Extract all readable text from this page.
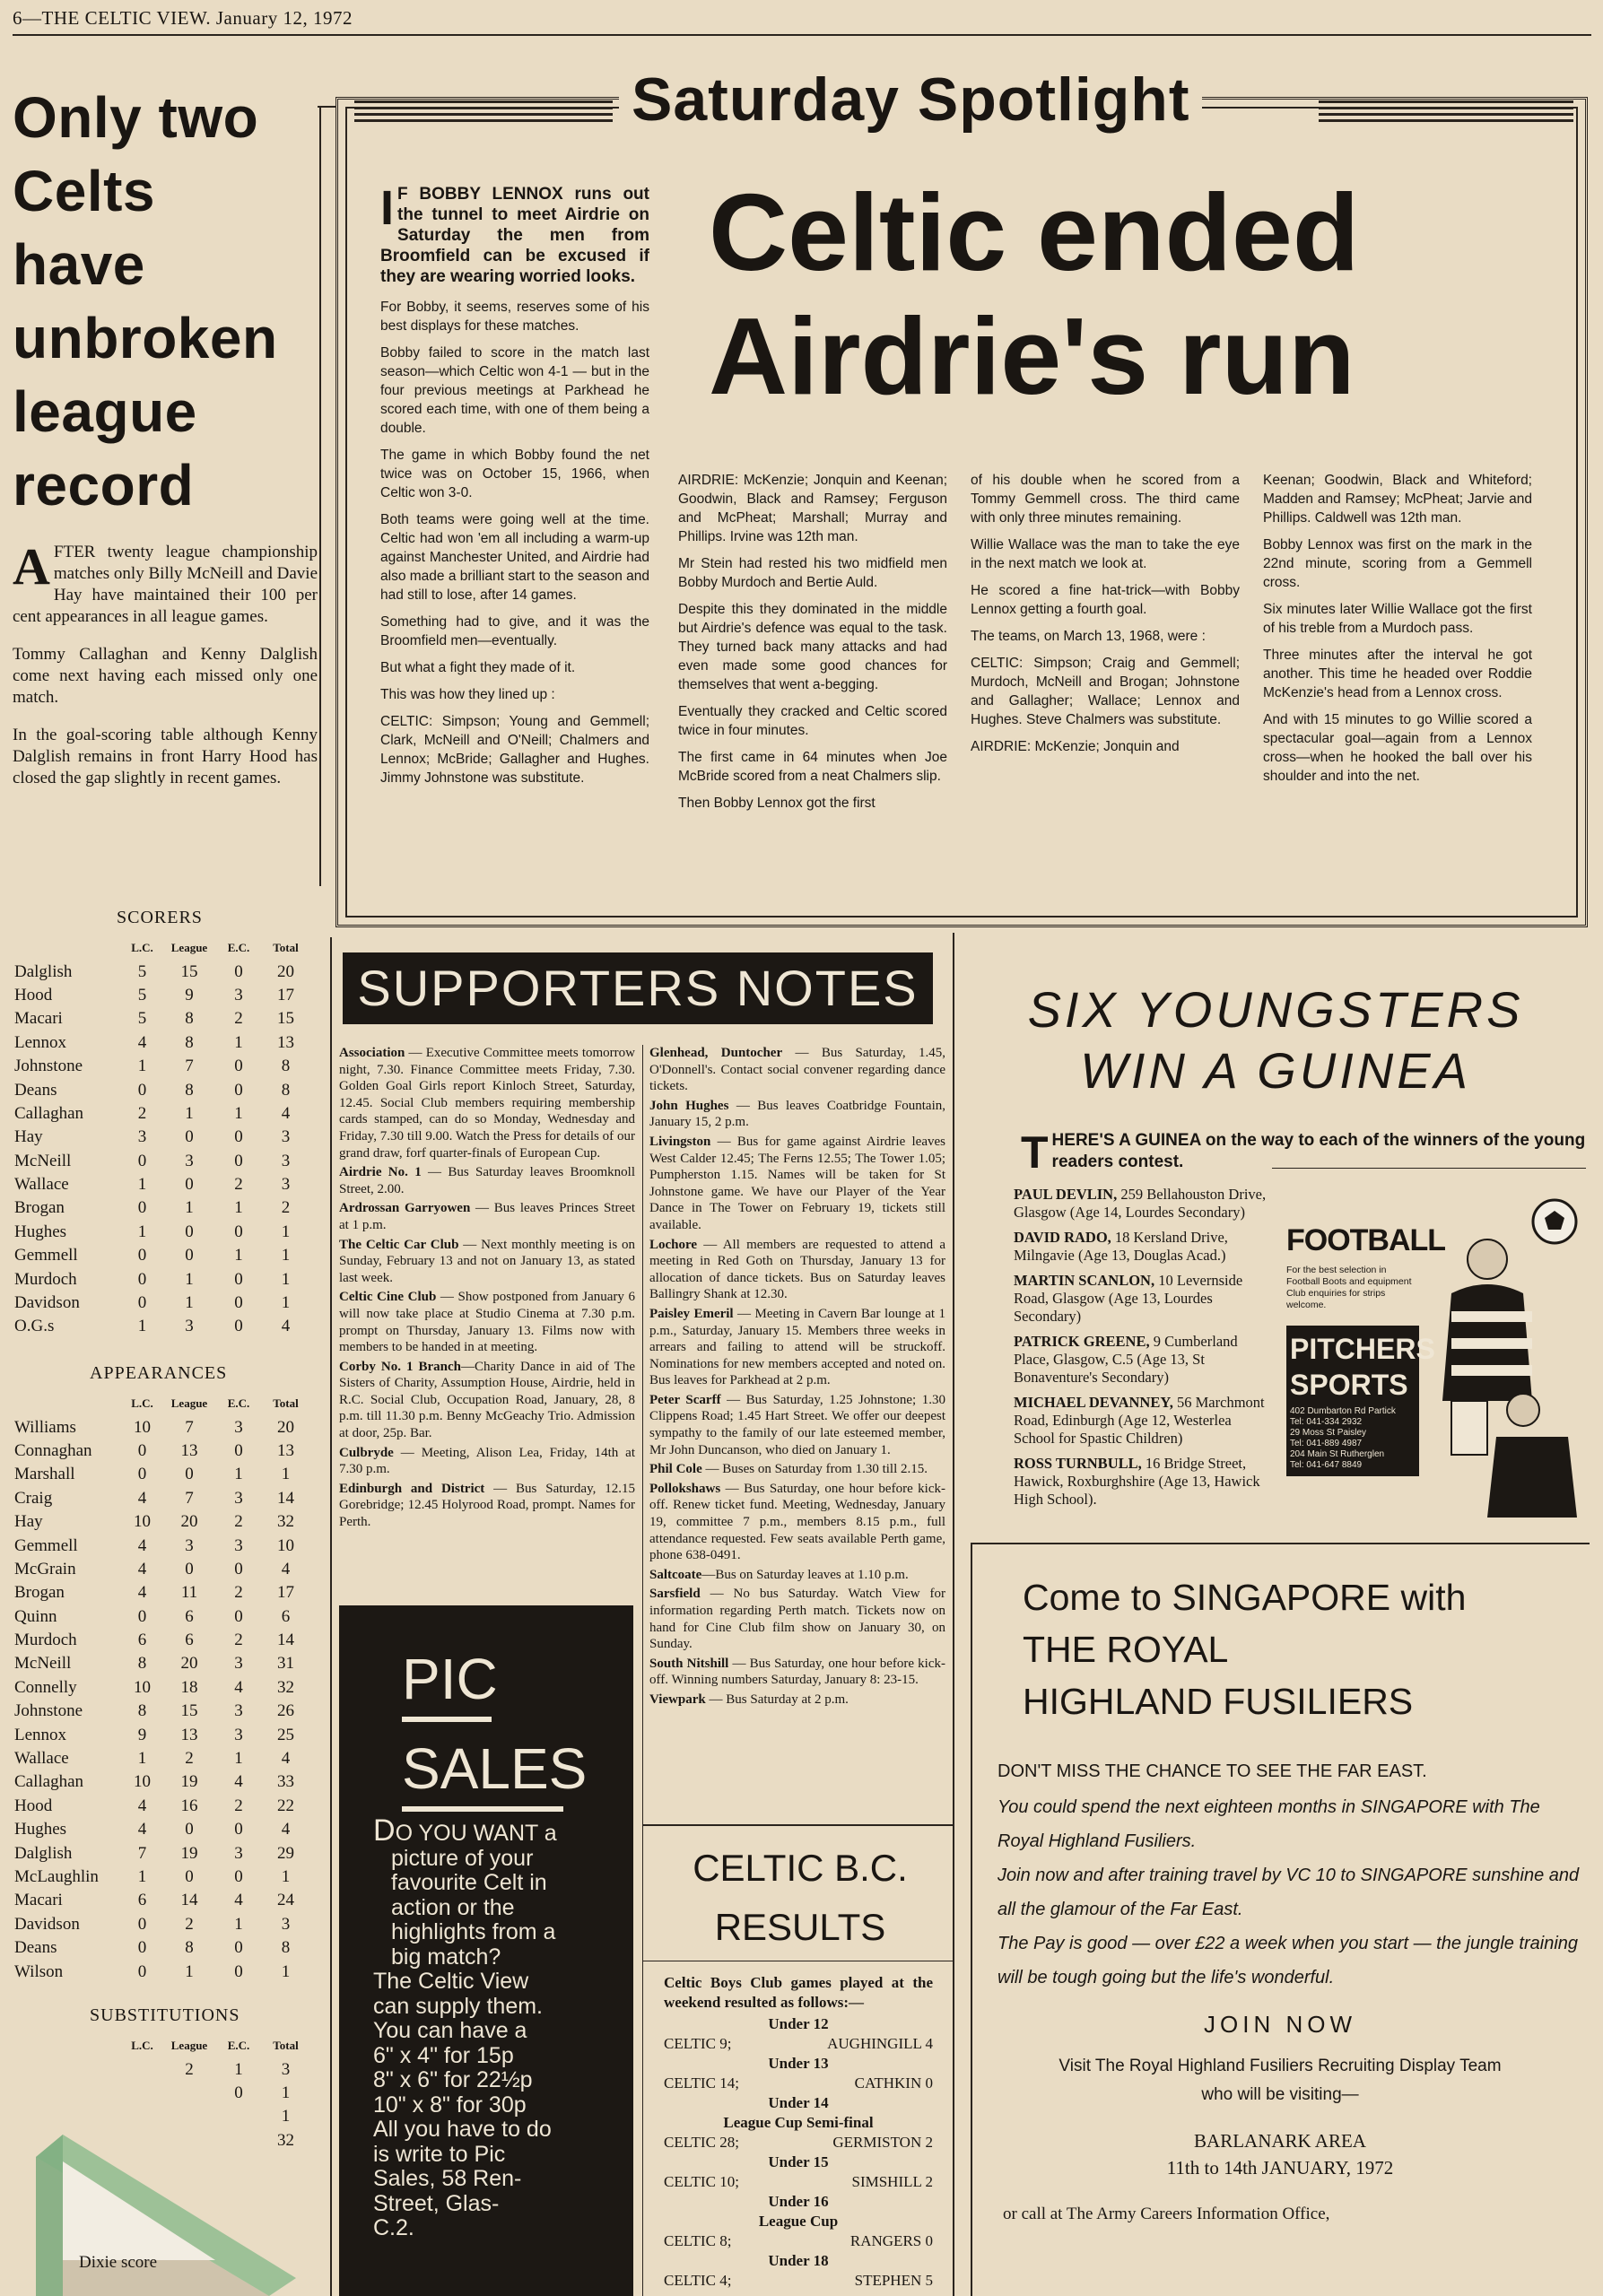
6—THE CELTIC VIEW. January 12, 1972
Only two
Celts
have
unbroken
league
record

AFTER twenty league championship matches only Billy McNeill and Davie Hay have maintained their 100 per cent appearances in all league games.

Tommy Callaghan and Kenny Dalglish come next having each missed only one match.

In the goal-scoring table although Kenny Dalglish remains in front Harry Hood has closed the gap slightly in recent games.

SCORERS
	L.C.	League	E.C.	Total
Dalglish	5	15	0	20
Hood	5	9	3	17
Macari	5	8	2	15
Lennox	4	8	1	13
Johnstone	1	7	0	8
Deans	0	8	0	8
Callaghan	2	1	1	4
Hay	3	0	0	3
McNeill	0	3	0	3
Wallace	1	0	2	3
Brogan	0	1	1	2
Hughes	1	0	0	1
Gemmell	0	0	1	1
Murdoch	0	1	0	1
Davidson	0	1	0	1
O.G.s	1	3	0	4
APPEARANCES
	L.C.	League	E.C.	Total
Williams	10	7	3	20
Connaghan	0	13	0	13
Marshall	0	0	1	1
Craig	4	7	3	14
Hay	10	20	2	32
Gemmell	4	3	3	10
McGrain	4	0	0	4
Brogan	4	11	2	17
Quinn	0	6	0	6
Murdoch	6	6	2	14
McNeill	8	20	3	31
Connelly	10	18	4	32
Johnstone	8	15	3	26
Lennox	9	13	3	25
Wallace	1	2	1	4
Callaghan	10	19	4	33
Hood	4	16	2	22
Hughes	4	0	0	4
Dalglish	7	19	3	29
McLaughlin	1	0	0	1
Macari	6	14	4	24
Davidson	0	2	1	3
Deans	0	8	0	8
Wilson	0	1	0	1
SUBSTITUTIONS
	L.C.	League	E.C.	Total
		2	1	3
			0	1
				1
				32
Dixie score
Saturday Spotlight
Celtic ended
Airdrie's run
I F BOBBY LENNOX runs out the tunnel to meet Airdrie on Saturday the men from Broomfield can be excused if they are wearing worried looks.

For Bobby, it seems, reserves some of his best displays for these matches.

Bobby failed to score in the match last season—which Celtic won 4-1 — but in the four previous meetings at Parkhead he scored each time, with one of them being a double.

The game in which Bobby found the net twice was on October 15, 1966, when Celtic won 3-0.

Both teams were going well at the time. Celtic had won 'em all including a warm-up against Manchester United, and Airdrie had also made a brilliant start to the season and had still to lose, after 14 games.

Something had to give, and it was the Broomfield men—eventually.

But what a fight they made of it.

This was how they lined up :

CELTIC: Simpson; Young and Gemmell; Clark, McNeill and O'Neill; Chalmers and Lennox; McBride; Gallagher and Hughes. Jimmy Johnstone was substitute.

AIRDRIE: McKenzie; Jonquin and Keenan; Goodwin, Black and Ramsey; Ferguson and McPheat; Marshall; Murray and Phillips. Irvine was 12th man.

Mr Stein had rested his two midfield men Bobby Murdoch and Bertie Auld.

Despite this they dominated in the middle but Airdrie's defence was equal to the task. They turned back many attacks and had even made some good chances for themselves that went a-begging.

Eventually they cracked and Celtic scored twice in four minutes.

The first came in 64 minutes when Joe McBride scored from a neat Chalmers slip.

Then Bobby Lennox got the first

of his double when he scored from a Tommy Gemmell cross. The third came with only three minutes remaining.

Willie Wallace was the man to take the eye in the next match we look at.

He scored a fine hat-trick—with Bobby Lennox getting a fourth goal.

The teams, on March 13, 1968, were :

CELTIC: Simpson; Craig and Gemmell; Murdoch, McNeill and Brogan; Johnstone and Gallagher; Wallace; Lennox and Hughes. Steve Chalmers was substitute.

AIRDRIE: McKenzie; Jonquin and

Keenan; Goodwin, Black and Whiteford; Madden and Ramsey; McPheat; Jarvie and Phillips. Caldwell was 12th man.

Bobby Lennox was first on the mark in the 22nd minute, scoring from a Gemmell cross.

Six minutes later Willie Wallace got the first of his treble from a Murdoch pass.

Three minutes after the interval he got another. This time he headed over Roddie McKenzie's head from a Lennox cross.

And with 15 minutes to go Willie scored a spectacular goal—again from a Lennox cross—when he hooked the ball over his shoulder and into the net.

SUPPORTERS NOTES

Association — Executive Committee meets tomorrow night, 7.30. Finance Committee meets Friday, 7.30. Golden Goal Girls report Kinloch Street, Saturday, 12.45. Social Club members requiring membership cards stamped, can do so Monday, Wednesday and Friday, 7.30 till 9.00. Watch the Press for details of our grand draw, forf quarter-finals of European Cup.

Airdrie No. 1 — Bus Saturday leaves Broomknoll Street, 2.00.

Ardrossan Garryowen — Bus leaves Princes Street at 1 p.m.

The Celtic Car Club — Next monthly meeting is on Sunday, February 13 and not on January 13, as stated last week.

Celtic Cine Club — Show postponed from January 6 will now take place at Studio Cinema at 7.30 p.m. prompt on Thursday, January 13. Films now with members to be handed in at meeting.

Corby No. 1 Branch—Charity Dance in aid of The Sisters of Charity, Assumption House, Airdrie, held in R.C. Social Club, Occupation Road, January, 28, 8 p.m. till 11.30 p.m. Benny McGeachy Trio. Admission at door, 25p. Bar.

Culbryde — Meeting, Alison Lea, Friday, 14th at 7.30 p.m.

Edinburgh and District — Bus Saturday, 12.15 Gorebridge; 12.45 Holyrood Road, prompt. Names for Perth.

Glenhead, Duntocher — Bus Saturday, 1.45, O'Donnell's. Contact social convener regarding dance tickets.

John Hughes — Bus leaves Coatbridge Fountain, January 15, 2 p.m.

Livingston — Bus for game against Airdrie leaves West Calder 12.45; The Ferns 12.55; The Tower 1.05; Pumpherston 1.15. Names will be taken for St Johnstone game. We have our Player of the Year Dance in The Tower on February 19, tickets still available.

Lochore — All members are requested to attend a meeting in Red Goth on Thursday, January 13 for allocation of dance tickets. Bus on Saturday leaves Ballingry Shank at 12.30.

Paisley Emeril — Meeting in Cavern Bar lounge at 1 p.m., Saturday, January 15. Members three weeks in arrears and failing to attend will be struckoff. Nominations for new members accepted and noted on. Bus leaves for Parkhead at 2 p.m.

Peter Scarff — Bus Saturday, 1.25 Johnstone; 1.30 Clippens Road; 1.45 Hart Street. We offer our deepest sympathy to the family of our late esteemed member, Mr John Duncanson, who died on January 1.

Phil Cole — Buses on Saturday from 1.30 till 2.15.

Pollokshaws — Bus Saturday, one hour before kick-off. Renew ticket fund. Meeting, Wednesday, January 19, committee 7 p.m., members 8.15 p.m., full attendance requested. Few seats available Perth game, phone 638-0491.

Saltcoate—Bus on Saturday leaves at 1.10 p.m.

Sarsfield — No bus Saturday. Watch View for information regarding Perth match. Tickets now on hand for Cine Club film show on January 30, on Sunday.

South Nitshill — Bus Saturday, one hour before kick-off. Winning numbers Saturday, January 8: 23-15.

Viewpark — Bus Saturday at 2 p.m.

PIC
SALES
DO YOU WANT a
picture of your
favourite Celt in
action or the
highlights from a
big match?
The Celtic View
can supply them.
You can have a
6" x 4" for 15p
8" x 6" for 22½p
10" x 8" for 30p
All you have to do
is write to Pic
Sales, 58 Ren-
Street, Glas-
C.2.
CELTIC B.C.
RESULTS
Celtic Boys Club games played at the weekend resulted as follows:—
Under 12
CELTIC 9;	AUGHINGILL 4
Under 13
CELTIC 14;	CATHKIN 0
Under 14
League Cup Semi-final
CELTIC 28;	GERMISTON 2
Under 15
CELTIC 10;	SIMSHILL 2
Under 16
League Cup
CELTIC 8;	RANGERS 0
Under 18
CELTIC 4;	STEPHEN 5
SIX YOUNGSTERS
WIN A GUINEA
THERE'S A GUINEA on the way to each of the winners of the young readers contest.

PAUL DEVLIN, 259 Bellahouston Drive, Glasgow (Age 14, Lourdes Secondary)

DAVID RADO, 18 Kersland Drive, Milngavie (Age 13, Douglas Acad.)

MARTIN SCANLON, 10 Levernside Road, Glasgow (Age 13, Lourdes Secondary)

PATRICK GREENE, 9 Cumberland Place, Glasgow, C.5 (Age 13, St Bonaventure's Secondary)

MICHAEL DEVANNEY, 56 Marchmont Road, Edinburgh (Age 12, Westerlea School for Spastic Children)

ROSS TURNBULL, 16 Bridge Street, Hawick, Roxburghshire (Age 13, Hawick High School).

FOOTBALL
For the best selection in Football Boots and equipment Club enquiries for strips welcome.
PITCHERS
SPORTS
402 Dumbarton Rd Partick
Tel: 041-334 2932
29 Moss St Paisley
Tel: 041-889 4987
204 Main St Rutherglen
Tel: 041-647 8849
Come to SINGAPORE with
THE ROYAL
HIGHLAND FUSILIERS
DON'T MISS THE CHANCE TO SEE THE FAR EAST.
You could spend the next eighteen months in SINGAPORE with The Royal Highland Fusiliers.
Join now and after training travel by VC 10 to SINGAPORE sunshine and all the glamour of the Far East.
The Pay is good — over £22 a week when you start — the jungle training will be tough going but the life's wonderful.
JOIN NOW
Visit The Royal Highland Fusiliers Recruiting Display Team
who will be visiting—
BARLANARK AREA
11th to 14th JANUARY, 1972
or call at The Army Careers Information Office,
